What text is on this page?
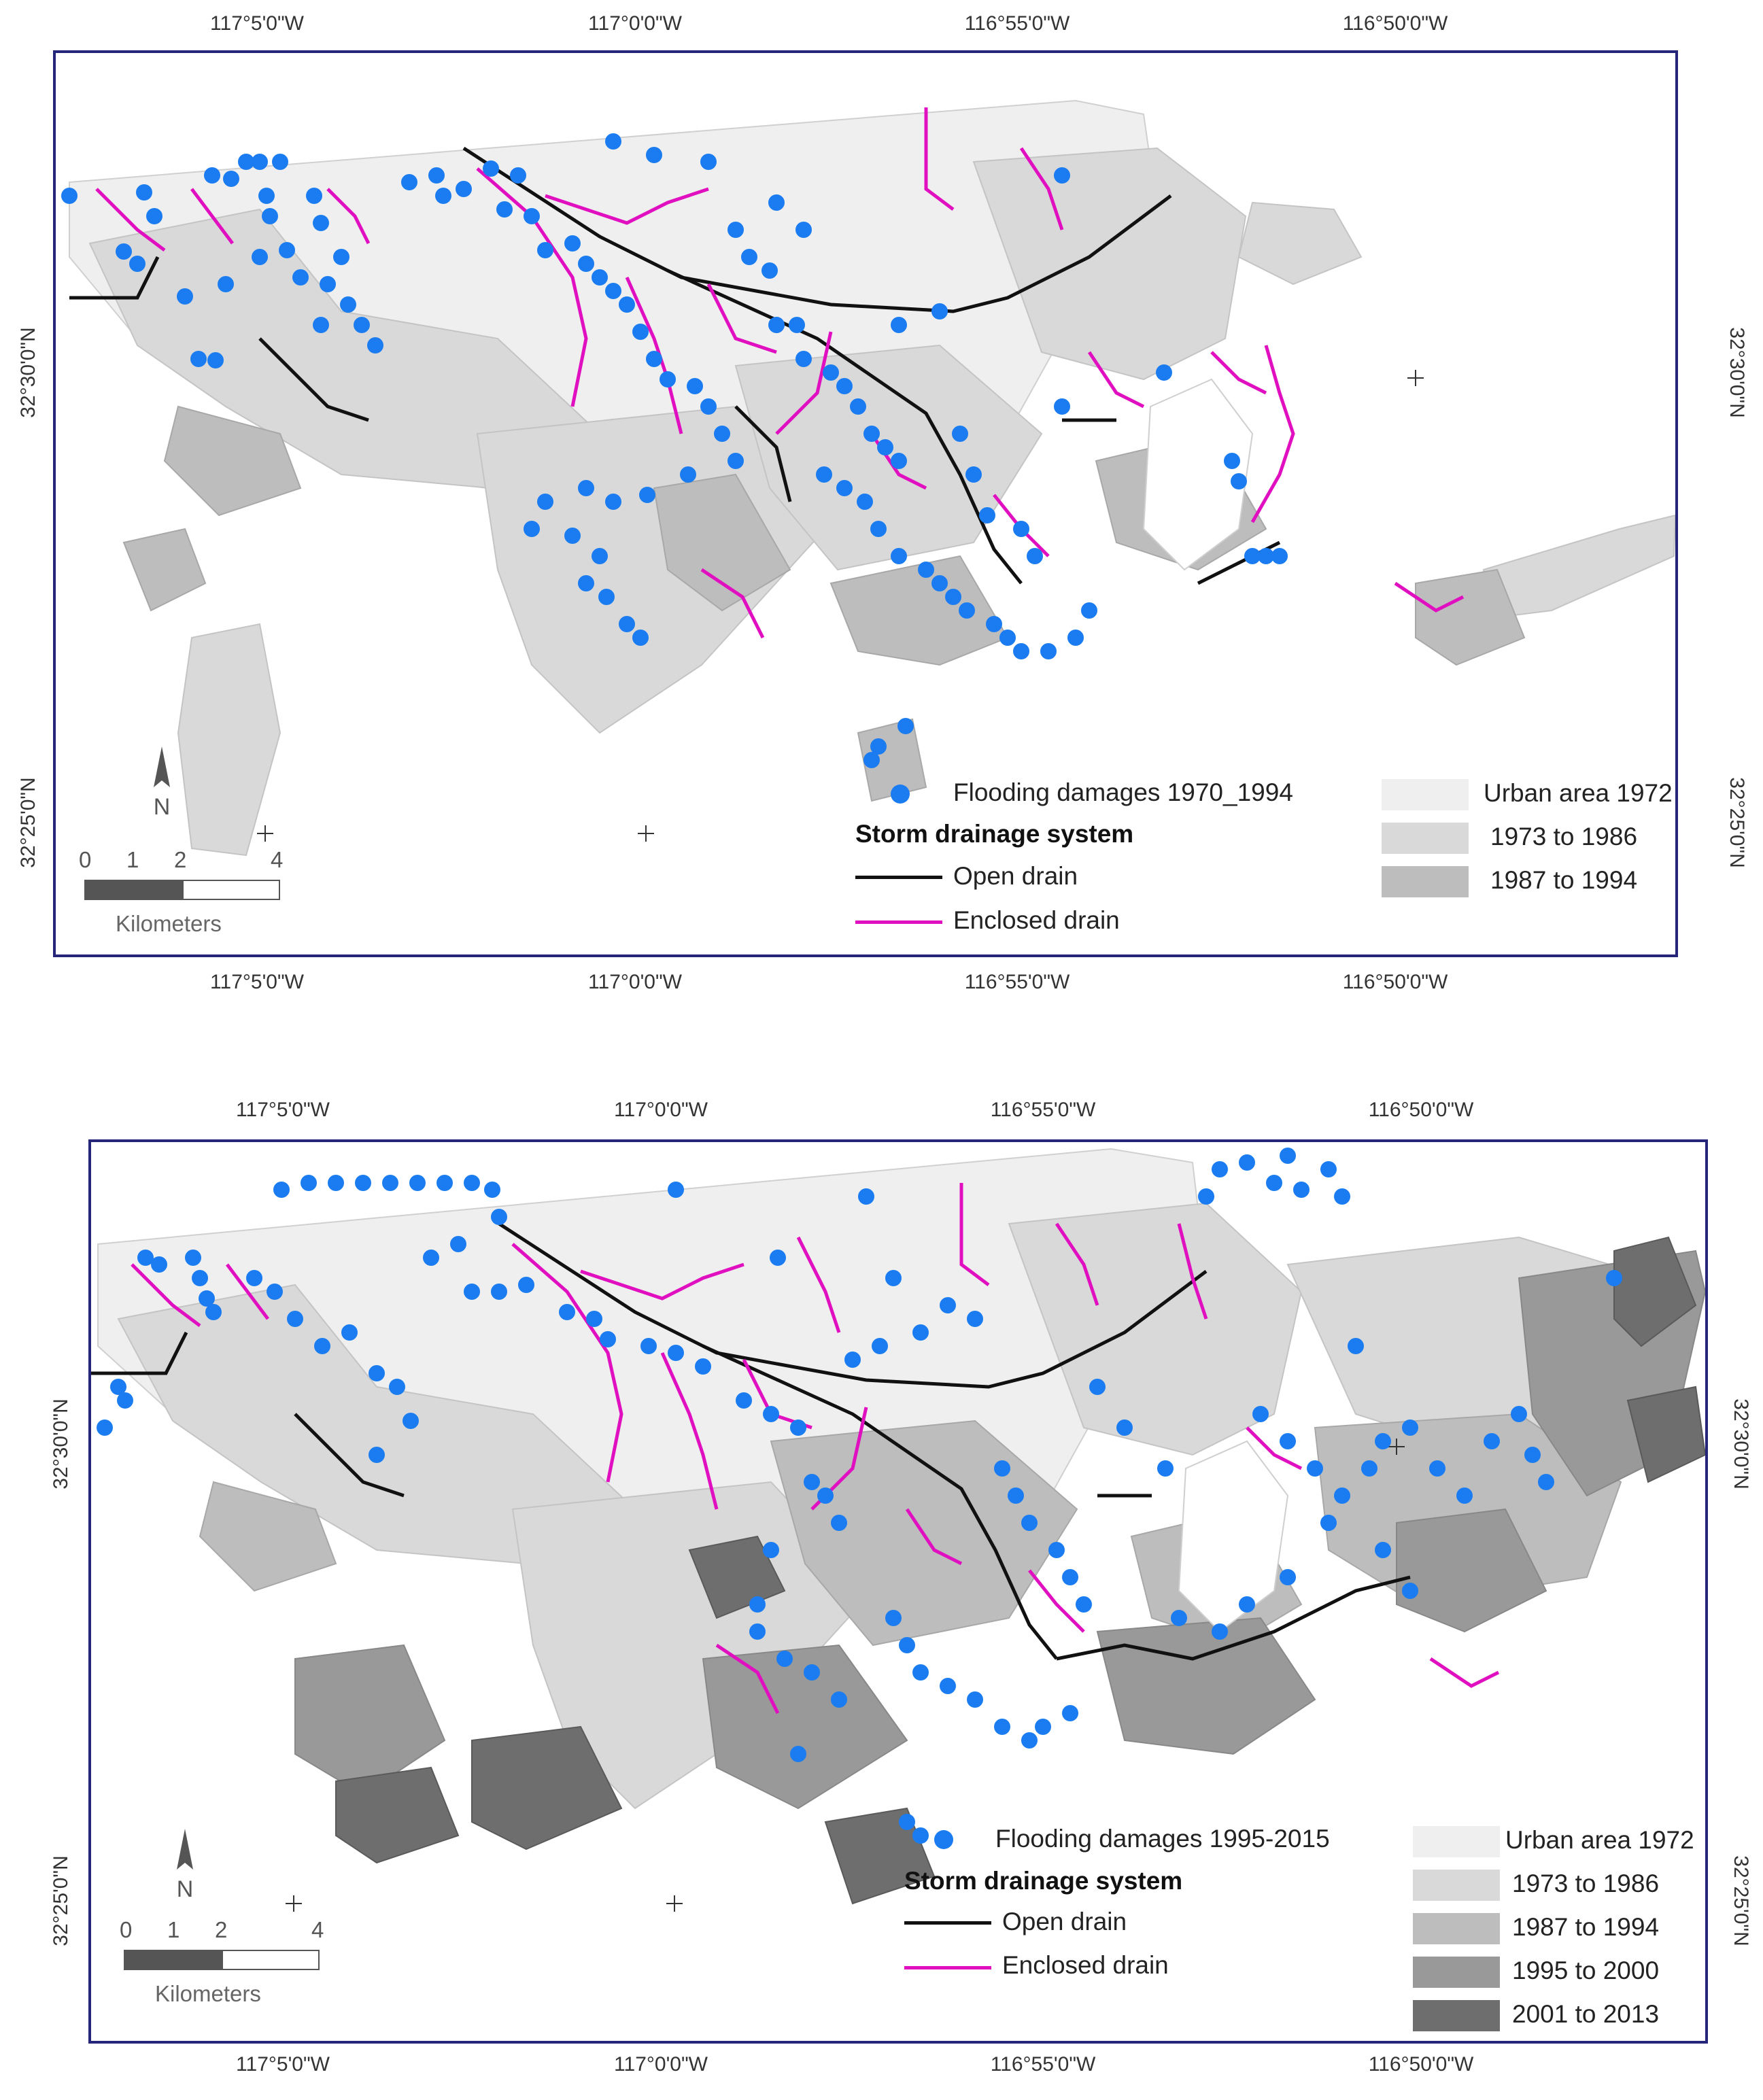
117°5'0"W	117°0'0"W	116°55'0"W	116°50'0"W
117°5'0"W	117°0'0"W	116°55'0"W	116°50'0"W
32°30'0"N
32°25'0"N
32°30'0"N
32°25'0"N
Flooding damages 1970_1994
Storm drainage system
Open drain
Enclosed drain
Urban area 1972
1973 to 1986
1987 to 1994
N
0 1 2	4
Kilometers
117°5'0"W	117°0'0"W	116°55'0"W	116°50'0"W
117°5'0"W	117°0'0"W	116°55'0"W	116°50'0"W
32°30'0"N
32°25'0"N
32°30'0"N
32°25'0"N
Flooding damages 1995-2015
Storm drainage system
Open drain
Enclosed drain
Urban area 1972
1973 to 1986
1987 to 1994
1995 to 2000
2001 to 2013
N
0 1 2	4
Kilometers
